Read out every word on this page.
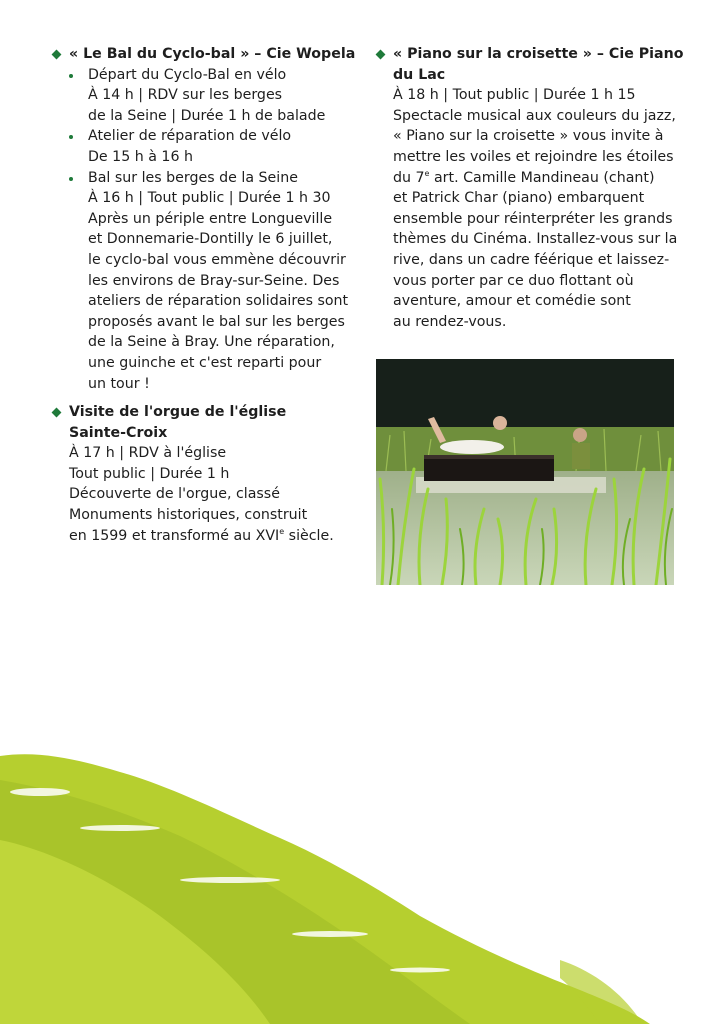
« Le Bal du Cyclo-bal » – Cie Wopela
Départ du Cyclo-Bal en vélo
À 14 h | RDV sur les berges
de la Seine | Durée 1 h de balade
Atelier de réparation de vélo
De 15 h à 16 h
Bal sur les berges de la Seine
À 16 h | Tout public | Durée 1 h 30
Après un périple entre Longueville
et Donnemarie-Dontilly le 6 juillet,
le cyclo-bal vous emmène découvrir
les environs de Bray-sur-Seine. Des
ateliers de réparation solidaires sont
proposés avant le bal sur les berges
de la Seine à Bray. Une réparation,
une guinche et c'est reparti pour
un tour !
Visite de l'orgue de l'église
Sainte-Croix
À 17 h | RDV à l'église
Tout public | Durée 1 h
Découverte de l'orgue, classé
Monuments historiques, construit
en 1599 et transformé au XVIe siècle.
« Piano sur la croisette » – Cie Piano
du Lac
À 18 h | Tout public | Durée 1 h 15
Spectacle musical aux couleurs du jazz,
« Piano sur la croisette » vous invite à
mettre les voiles et rejoindre les étoiles
du 7e art. Camille Mandineau (chant)
et Patrick Char (piano) embarquent
ensemble pour réinterpréter les grands
thèmes du Cinéma. Installez-vous sur la
rive, dans un cadre féérique et laissez-
vous porter par ce duo flottant où
aventure, amour et comédie sont
au rendez-vous.
